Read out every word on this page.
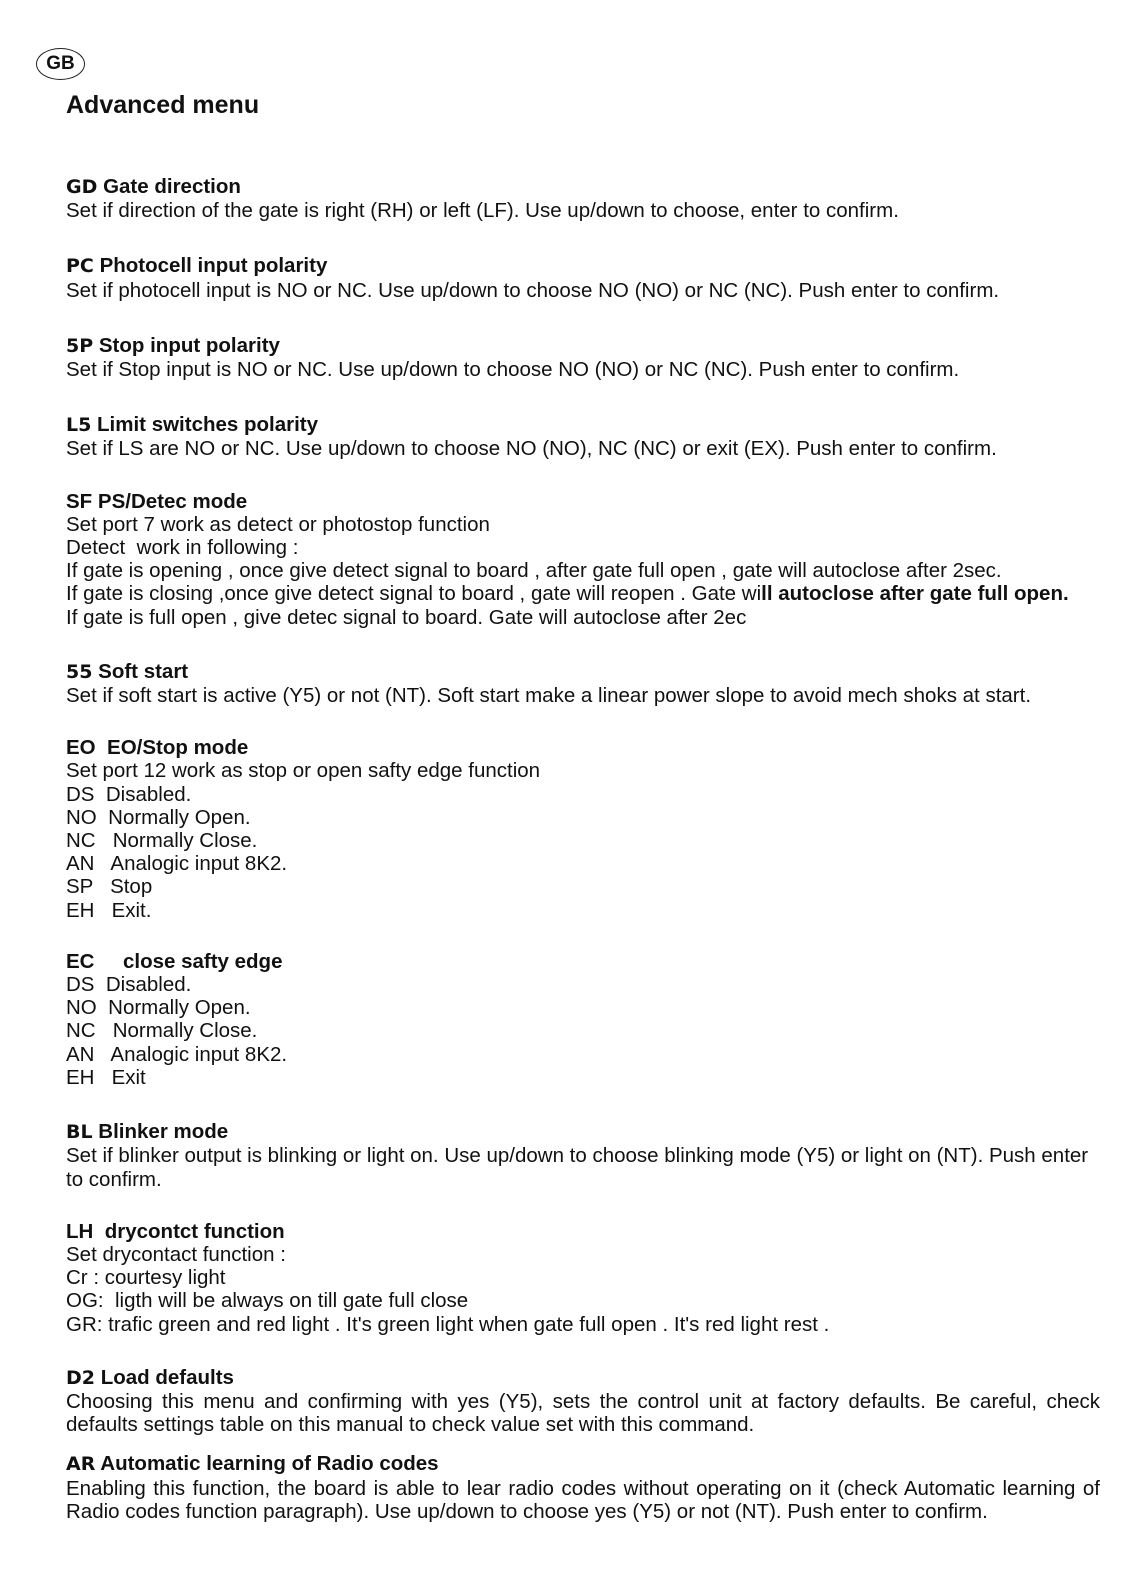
GB
Advanced menu
GD Gate direction
Set if direction of the gate is right (RH) or left (LF). Use up/down to choose, enter to confirm.
PC Photocell input polarity
Set if photocell input is NO or NC. Use up/down to choose NO (NO) or NC (NC). Push enter to confirm.
5P Stop input polarity
Set if Stop input is NO or NC. Use up/down to choose NO (NO) or NC (NC). Push enter to confirm.
L5 Limit switches polarity
Set if LS are NO or NC. Use up/down to choose NO (NO), NC (NC) or exit (EX). Push enter to confirm.
SF PS/Detec mode
Set port 7 work as detect or photostop function
Detect  work in following :
If gate is opening , once give detect signal to board , after gate full open , gate will autoclose after 2sec.
If gate is closing ,once give detect signal to board , gate will reopen . Gate will autoclose after gate full open.
If gate is full open , give detec signal to board. Gate will autoclose after 2ec
55 Soft start
Set if soft start is active (Y5) or not (NT). Soft start make a linear power slope to avoid mech shoks at start.
EO  EO/Stop mode
Set port 12 work as stop or open safty edge function
DS  Disabled.
NO  Normally Open.
NC   Normally Close.
AN   Analogic input 8K2.
SP   Stop
EH   Exit.
EC     close safty edge
DS  Disabled.
NO  Normally Open.
NC   Normally Close.
AN   Analogic input 8K2.
EH   Exit
BL Blinker mode
Set if blinker output is blinking or light on. Use up/down to choose blinking mode (Y5) or light on (NT). Push enter
to confirm.
LH  drycontct function
Set drycontact function :
Cr : courtesy light
OG:  ligth will be always on till gate full close
GR: trafic green and red light . It's green light when gate full open . It's red light rest .
D2 Load defaults
Choosing this menu and confirming with yes (Y5), sets the control unit at factory defaults. Be careful, check defaults settings table on this manual to check value set with this command.
AR Automatic learning of Radio codes
Enabling this function, the board is able to lear radio codes without operating on it (check Automatic learning of Radio codes function paragraph). Use up/down to choose yes (Y5) or not (NT). Push enter to confirm.
